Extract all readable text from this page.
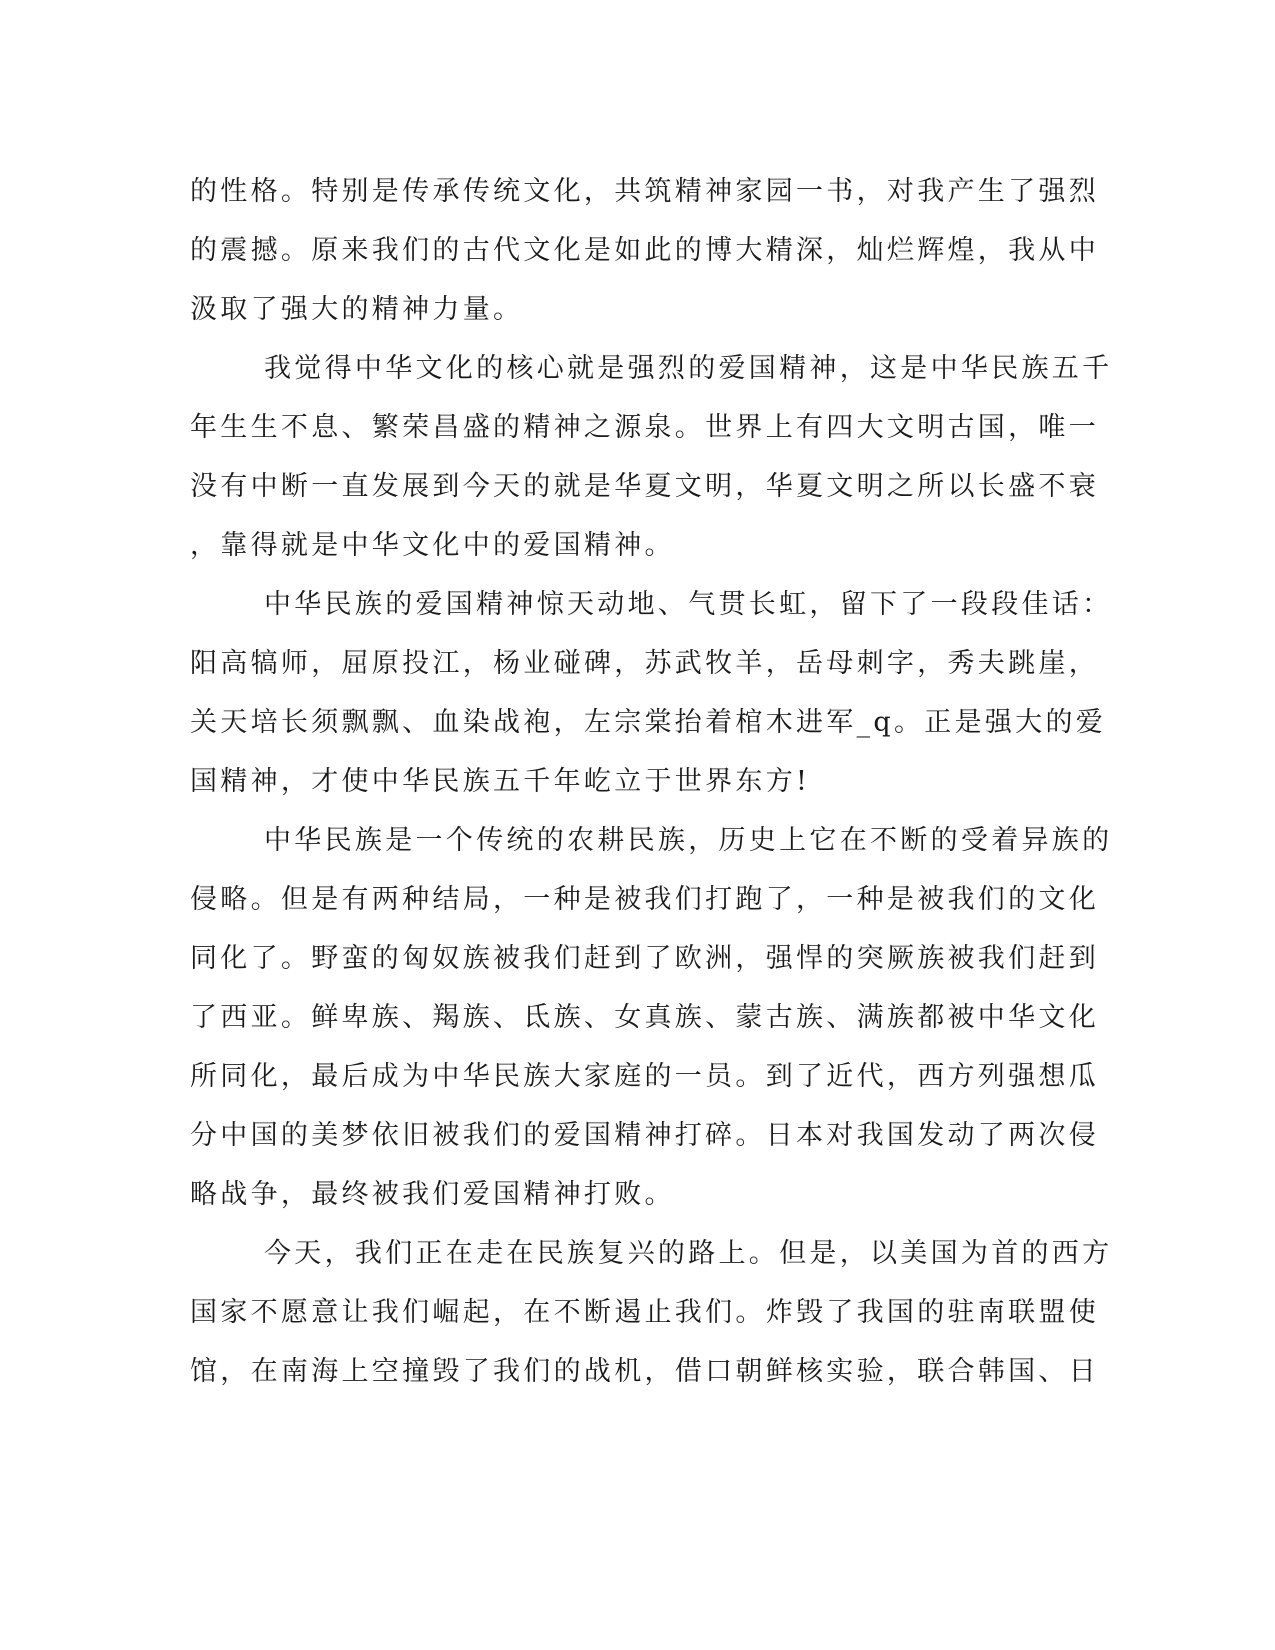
的性格。特别是传承传统文化，共筑精神家园一书，对我产生了强烈
的震撼。原来我们的古代文化是如此的博大精深，灿烂辉煌，我从中
汲取了强大的精神力量。
我觉得中华文化的核心就是强烈的爱国精神，这是中华民族五千
年生生不息、繁荣昌盛的精神之源泉。世界上有四大文明古国，唯一
没有中断一直发展到今天的就是华夏文明，华夏文明之所以长盛不衰
，靠得就是中华文化中的爱国精神。
中华民族的爱国精神惊天动地、气贯长虹，留下了一段段佳话：
阳高犒师，屈原投江，杨业碰碑，苏武牧羊，岳母刺字，秀夫跳崖，
关天培长须飘飘、血染战袍，左宗棠抬着棺木进军_q。正是强大的爱
国精神，才使中华民族五千年屹立于世界东方!
中华民族是一个传统的农耕民族，历史上它在不断的受着异族的
侵略。但是有两种结局，一种是被我们打跑了，一种是被我们的文化
同化了。野蛮的匈奴族被我们赶到了欧洲，强悍的突厥族被我们赶到
了西亚。鲜卑族、羯族、氐族、女真族、蒙古族、满族都被中华文化
所同化，最后成为中华民族大家庭的一员。到了近代，西方列强想瓜
分中国的美梦依旧被我们的爱国精神打碎。日本对我国发动了两次侵
略战争，最终被我们爱国精神打败。
今天，我们正在走在民族复兴的路上。但是，以美国为首的西方
国家不愿意让我们崛起，在不断遏止我们。炸毁了我国的驻南联盟使
馆，在南海上空撞毁了我们的战机，借口朝鲜核实验，联合韩国、日
